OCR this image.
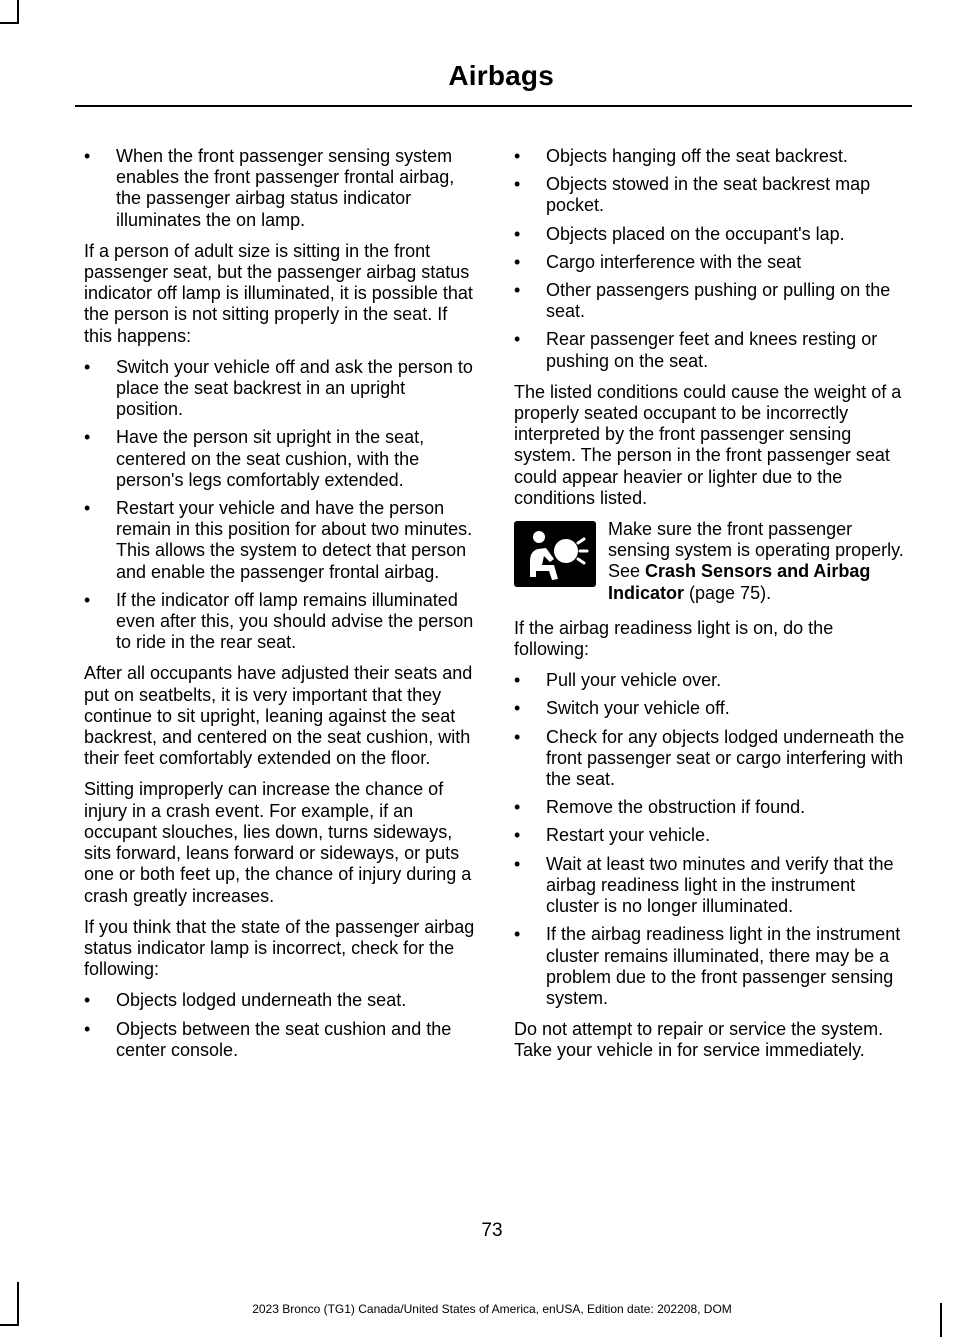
Airbags
• When the front passenger sensing system enables the front passenger frontal airbag, the passenger airbag status indicator illuminates the on lamp.

If a person of adult size is sitting in the front passenger seat, but the passenger airbag status indicator off lamp is illuminated, it is possible that the person is not sitting properly in the seat. If this happens:

• Switch your vehicle off and ask the person to place the seat backrest in an upright position.
• Have the person sit upright in the seat, centered on the seat cushion, with the person's legs comfortably extended.
• Restart your vehicle and have the person remain in this position for about two minutes. This allows the system to detect that person and enable the passenger frontal airbag.
• If the indicator off lamp remains illuminated even after this, you should advise the person to ride in the rear seat.

After all occupants have adjusted their seats and put on seatbelts, it is very important that they continue to sit upright, leaning against the seat backrest, and centered on the seat cushion, with their feet comfortably extended on the floor.

Sitting improperly can increase the chance of injury in a crash event. For example, if an occupant slouches, lies down, turns sideways, sits forward, leans forward or sideways, or puts one or both feet up, the chance of injury during a crash greatly increases.

If you think that the state of the passenger airbag status indicator lamp is incorrect, check for the following:

• Objects lodged underneath the seat.
• Objects between the seat cushion and the center console.
• Objects hanging off the seat backrest.
• Objects stowed in the seat backrest map pocket.
• Objects placed on the occupant's lap.
• Cargo interference with the seat
• Other passengers pushing or pulling on the seat.
• Rear passenger feet and knees resting or pushing on the seat.

The listed conditions could cause the weight of a properly seated occupant to be incorrectly interpreted by the front passenger sensing system. The person in the front passenger seat could appear heavier or lighter due to the conditions listed.

Make sure the front passenger sensing system is operating properly. See Crash Sensors and Airbag Indicator (page 75).

If the airbag readiness light is on, do the following:

• Pull your vehicle over.
• Switch your vehicle off.
• Check for any objects lodged underneath the front passenger seat or cargo interfering with the seat.
• Remove the obstruction if found.
• Restart your vehicle.
• Wait at least two minutes and verify that the airbag readiness light in the instrument cluster is no longer illuminated.
• If the airbag readiness light in the instrument cluster remains illuminated, there may be a problem due to the front passenger sensing system.

Do not attempt to repair or service the system. Take your vehicle in for service immediately.

73
2023 Bronco (TG1) Canada/United States of America, enUSA, Edition date: 202208, DOM
